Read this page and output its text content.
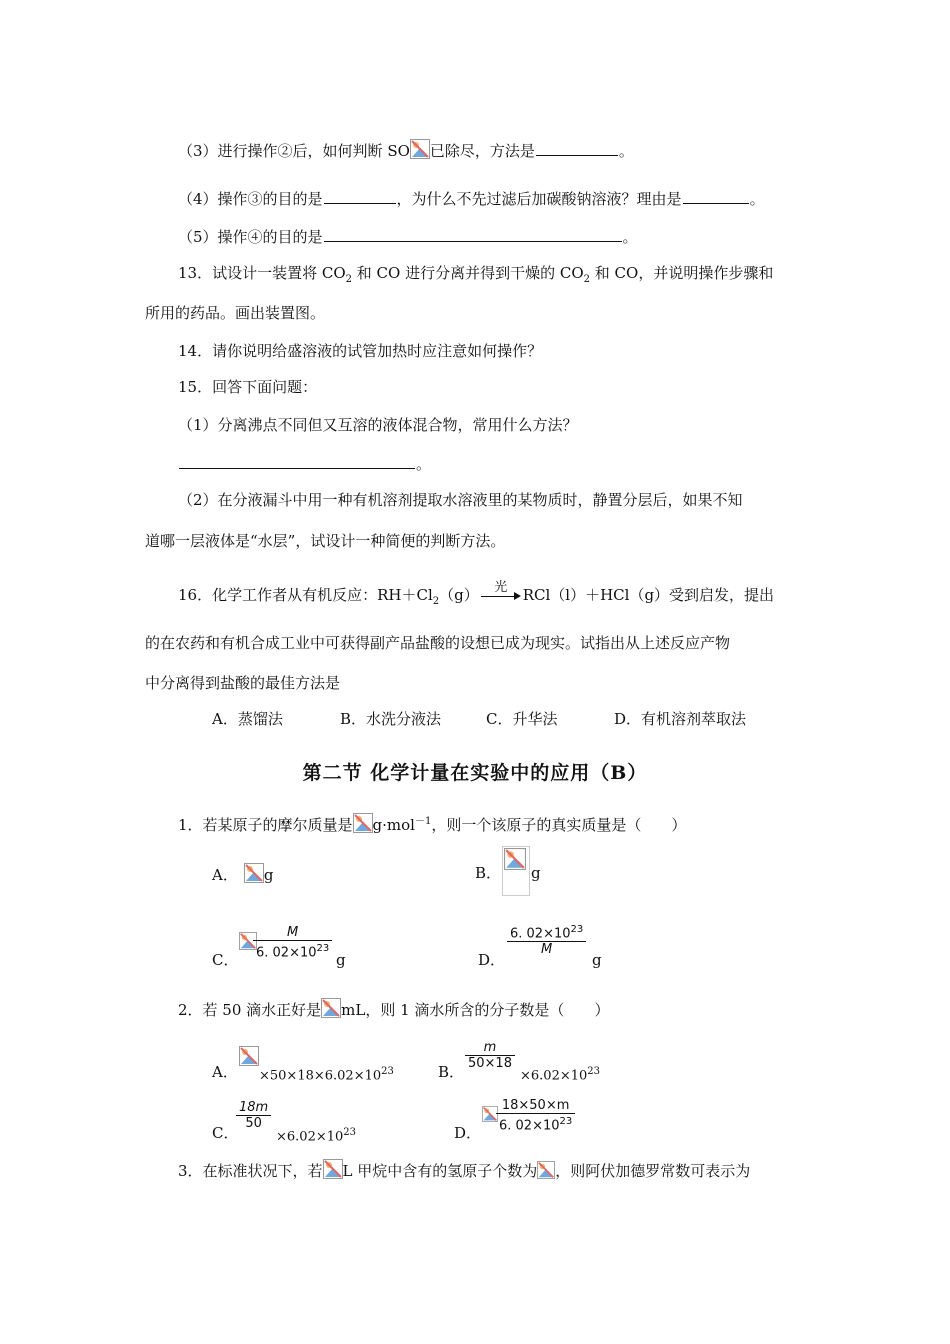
（3）进行操作②后，如何判断 SO 已除尽，方法是	。
（4）操作③的目的是	，为什么不先过滤后加碳酸钠溶液？理由是	。
（5）操作④的目的是	。
13．试设计一装置将 $CO_2$ 和 CO 进行分离并得到干燥的 $CO_2$ 和 CO，并说明操作步骤和
所用的药品。画出装置图。
14．请你说明给盛溶液的试管加热时应注意如何操作？
15．回答下面问题：
（1）分离沸点不同但又互溶的液体混合物，常用什么方法？
。
（2）在分液漏斗中用一种有机溶剂提取水溶液里的某物质时，静置分层后，如果不知
道哪一层液体是“水层”，试设计一种简便的判断方法。
16．化学工作者从有机反应：$RH+Cl_2(g)$	光	RCl（l）＋HCl（g）受到启发，提出
的在农药和有机合成工业中可获得副产品盐酸的设想已成为现实。试指出从上述反应产物
中分离得到盐酸的最佳方法是
A．蒸馏法	B．水洗分液法	C．升华法	D．有机溶剂萃取法
第二节 化学计量在实验中的应用（B）
1．若某原子的摩尔质量是 g·mol$^{-1}$，则一个该原子的真实质量是（　　）
A． g	B． g
C． $\frac{M}{6. 02\times 10^{23}}$ g	D．
$\frac{6. 02\times 10^{23}}{M}$
g
2．若 50 滴水正好是 mL，则 1 滴水所含的分子数是（　　）
A． $\times 50\times 18\times 6.02\times 10^{23}$	B．
$\frac{m}{50\times 18}$
$\times 6.02\times 10^{23}$
C．
$\frac{18m}{50}$
$\times 6.02\times 10^{23}$	D． $\frac{18\times 50\times m}{6. 02\times 10^{23}}$
3．在标准状况下，若 L 甲烷中含有的氢原子个数为 ，则阿伏加德罗常数可表示为
